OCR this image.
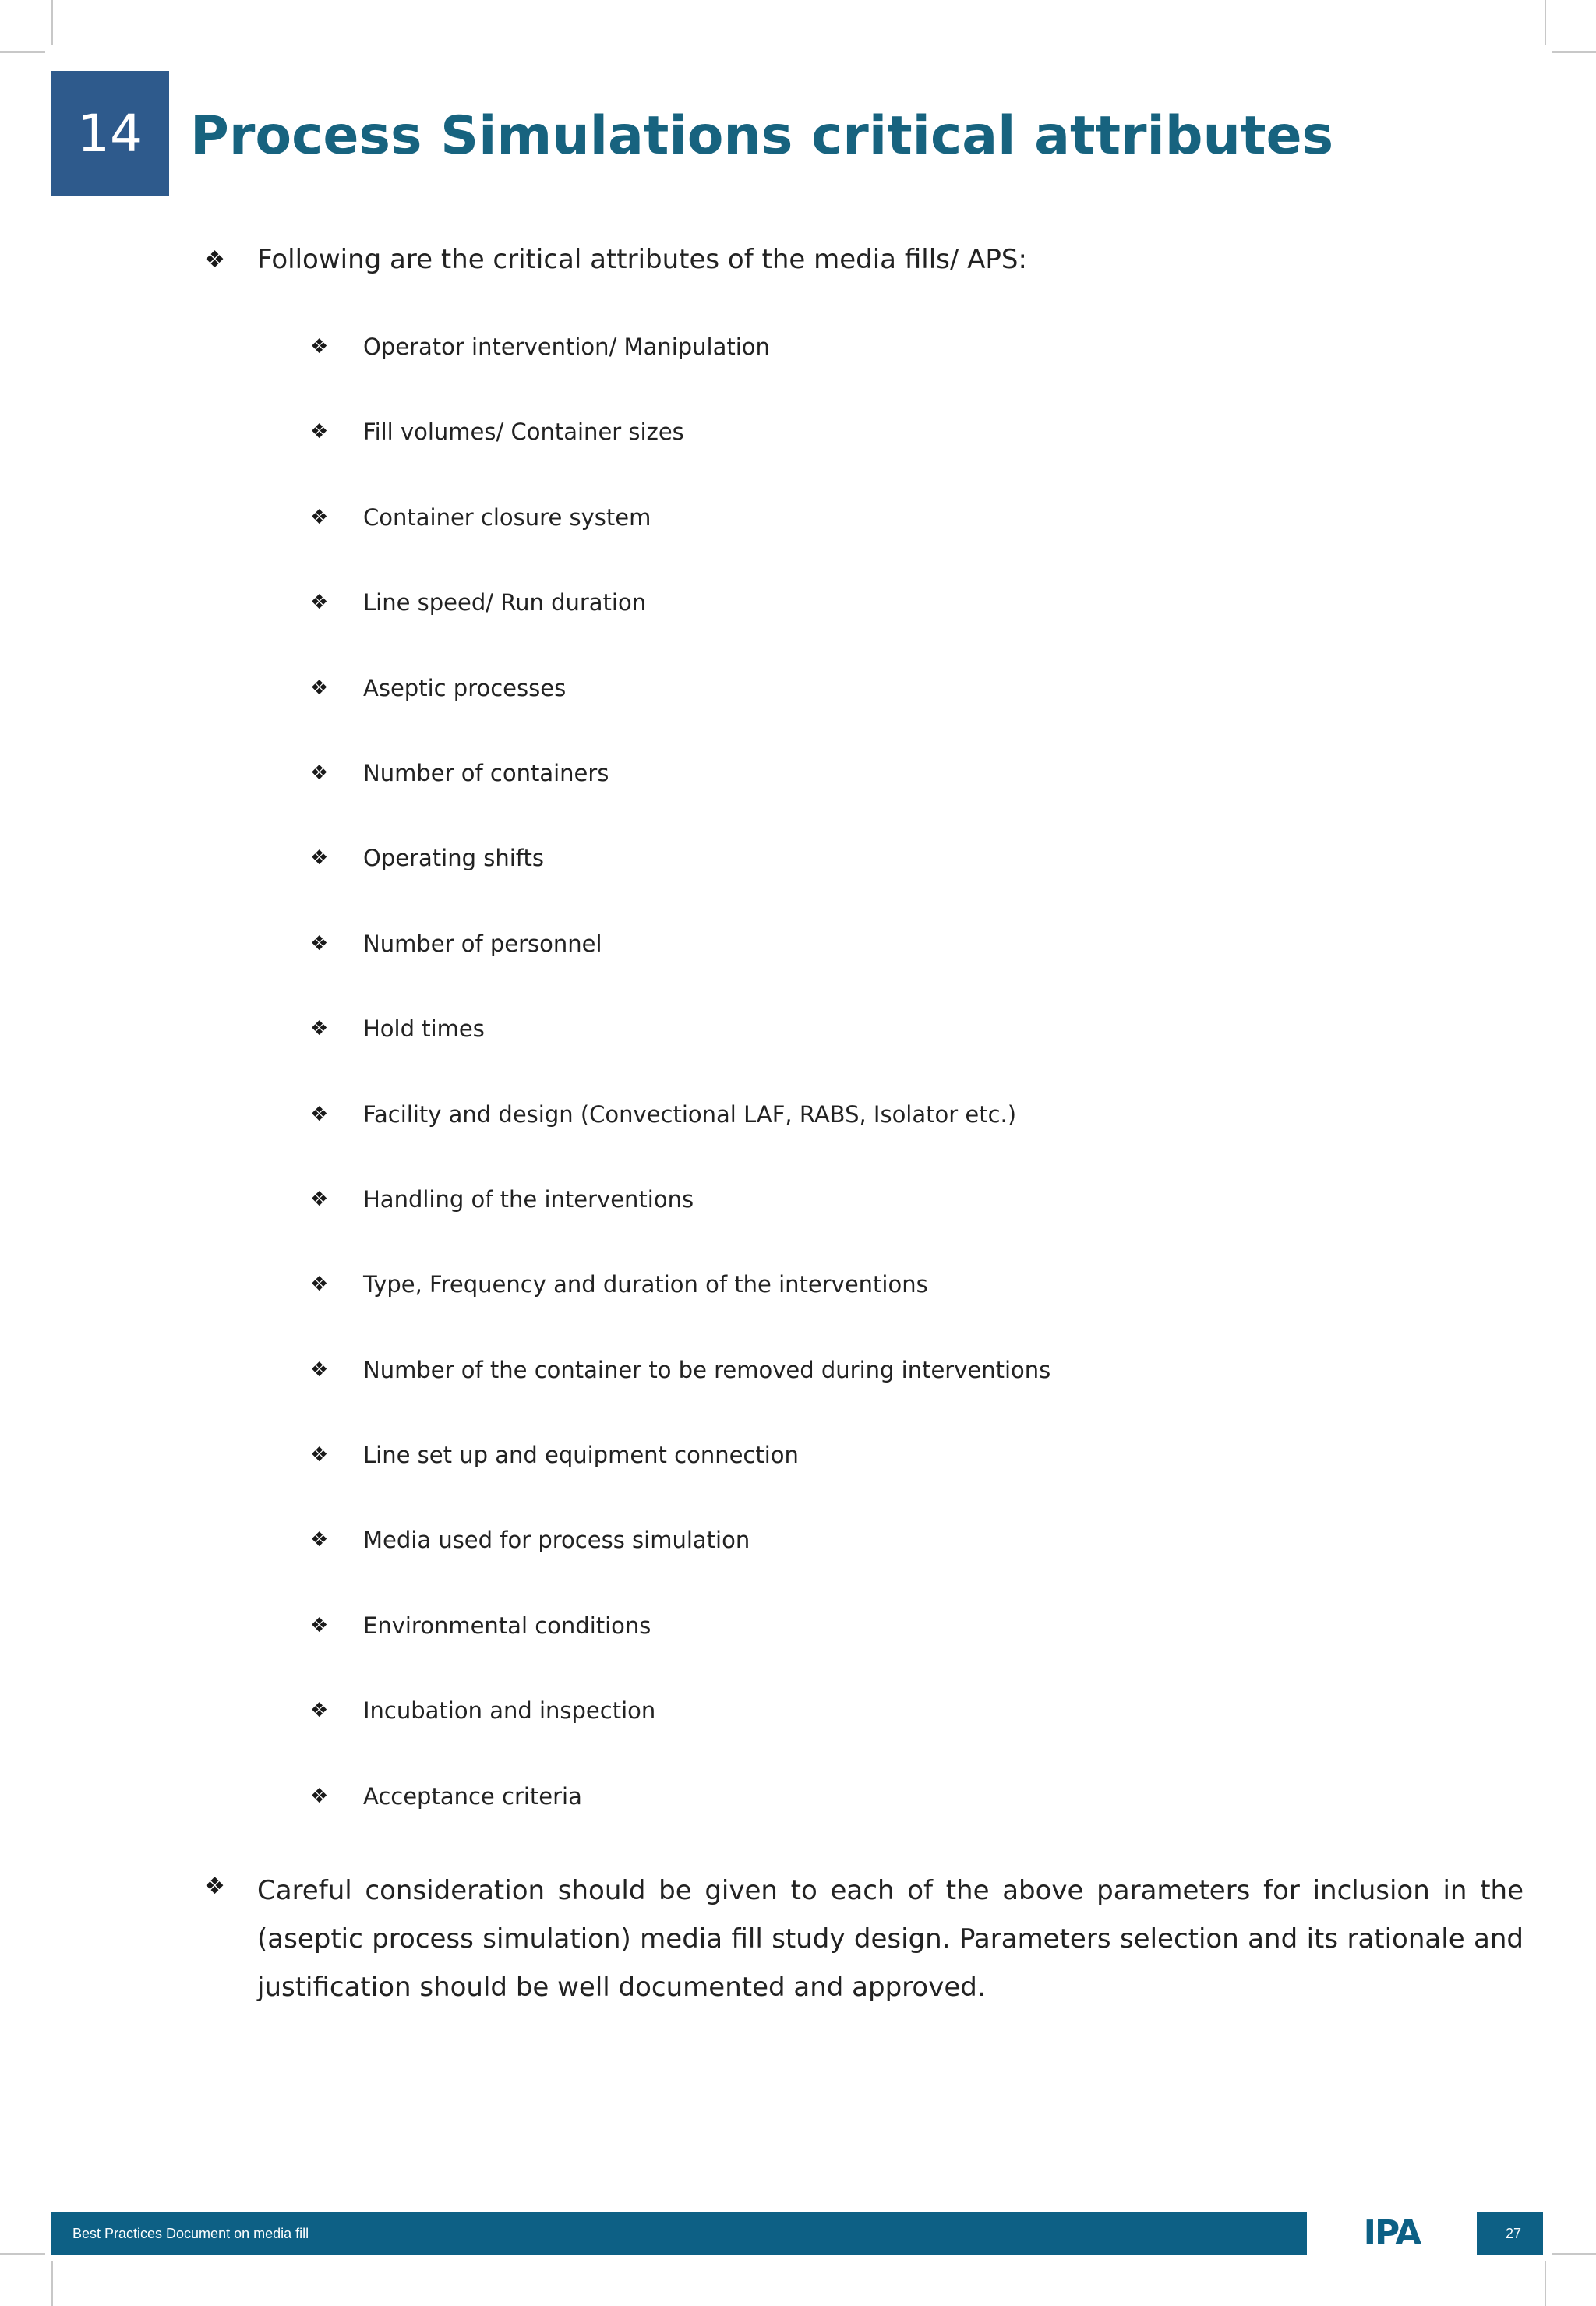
14 Process Simulations critical attributes
❖ Following are the critical attributes of the media fills/ APS:
❖ Operator intervention/ Manipulation
❖ Fill volumes/ Container sizes
❖ Container closure system
❖ Line speed/ Run duration
❖ Aseptic processes
❖ Number of containers
❖ Operating shifts
❖ Number of personnel
❖ Hold times
❖ Facility and design (Convectional LAF, RABS, Isolator etc.)
❖ Handling of the interventions
❖ Type, Frequency and duration of the interventions
❖ Number of the container to be removed during interventions
❖ Line set up and equipment connection
❖ Media used for process simulation
❖ Environmental conditions
❖ Incubation and inspection
❖ Acceptance criteria
❖ Careful consideration should be given to each of the above parameters for inclusion in the (aseptic process simulation) media fill study design. Parameters selection and its rationale and justification should be well documented and approved.

Best Practices Document on media fill	IPA	27
